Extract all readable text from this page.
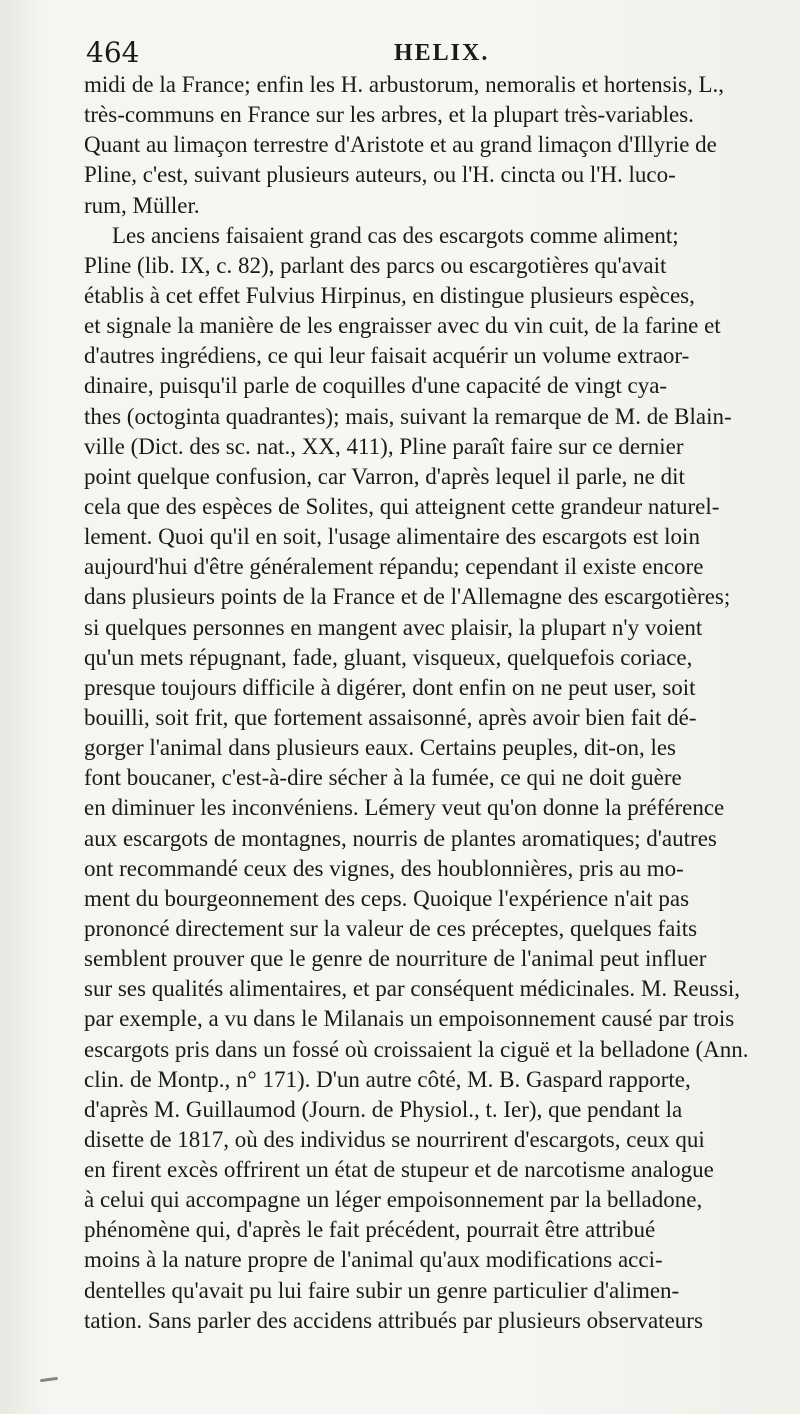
464	HELIX.
midi de la France; enfin les H. arbustorum, nemoralis et hortensis, L.,
très-communs en France sur les arbres, et la plupart très-variables.
Quant au limaçon terrestre d'Aristote et au grand limaçon d'Illyrie de
Pline, c'est, suivant plusieurs auteurs, ou l'H. cincta ou l'H. luco-
rum, Müller.
Les anciens faisaient grand cas des escargots comme aliment;
Pline (lib. IX, c. 82), parlant des parcs ou escargotières qu'avait
établis à cet effet Fulvius Hirpinus, en distingue plusieurs espèces,
et signale la manière de les engraisser avec du vin cuit, de la farine et
d'autres ingrédiens, ce qui leur faisait acquérir un volume extraor-
dinaire, puisqu'il parle de coquilles d'une capacité de vingt cya-
thes (octoginta quadrantes); mais, suivant la remarque de M. de Blain-
ville (Dict. des sc. nat., XX, 411), Pline paraît faire sur ce dernier
point quelque confusion, car Varron, d'après lequel il parle, ne dit
cela que des espèces de Solites, qui atteignent cette grandeur naturel-
lement. Quoi qu'il en soit, l'usage alimentaire des escargots est loin
aujourd'hui d'être généralement répandu; cependant il existe encore
dans plusieurs points de la France et de l'Allemagne des escargotières;
si quelques personnes en mangent avec plaisir, la plupart n'y voient
qu'un mets répugnant, fade, gluant, visqueux, quelquefois coriace,
presque toujours difficile à digérer, dont enfin on ne peut user, soit
bouilli, soit frit, que fortement assaisonné, après avoir bien fait dé-
gorger l'animal dans plusieurs eaux. Certains peuples, dit-on, les
font boucaner, c'est-à-dire sécher à la fumée, ce qui ne doit guère
en diminuer les inconvéniens. Lémery veut qu'on donne la préférence
aux escargots de montagnes, nourris de plantes aromatiques; d'autres
ont recommandé ceux des vignes, des houblonnières, pris au mo-
ment du bourgeonnement des ceps. Quoique l'expérience n'ait pas
prononcé directement sur la valeur de ces préceptes, quelques faits
semblent prouver que le genre de nourriture de l'animal peut influer
sur ses qualités alimentaires, et par conséquent médicinales. M. Reussi,
par exemple, a vu dans le Milanais un empoisonnement causé par trois
escargots pris dans un fossé où croissaient la ciguë et la belladone (Ann.
clin. de Montp., n° 171). D'un autre côté, M. B. Gaspard rapporte,
d'après M. Guillaumod (Journ. de Physiol., t. Ier), que pendant la
disette de 1817, où des individus se nourrirent d'escargots, ceux qui
en firent excès offrirent un état de stupeur et de narcotisme analogue
à celui qui accompagne un léger empoisonnement par la belladone,
phénomène qui, d'après le fait précédent, pourrait être attribué
moins à la nature propre de l'animal qu'aux modifications acci-
dentelles qu'avait pu lui faire subir un genre particulier d'alimen-
tation. Sans parler des accidens attribués par plusieurs observateurs
